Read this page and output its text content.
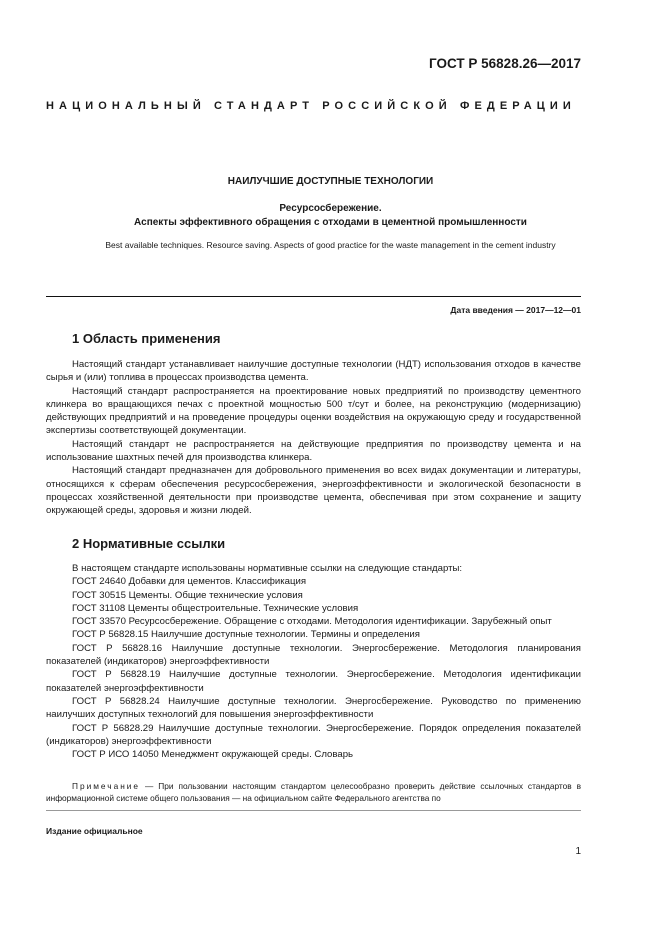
ГОСТ Р 56828.26—2017
НАЦИОНАЛЬНЫЙ СТАНДАРТ РОССИЙСКОЙ ФЕДЕРАЦИИ
НАИЛУЧШИЕ ДОСТУПНЫЕ ТЕХНОЛОГИИ
Ресурсосбережение.
Аспекты эффективного обращения с отходами в цементной промышленности
Best available techniques. Resource saving. Aspects of good practice for the waste management in the cement industry
Дата введения — 2017—12—01
1 Область применения

Настоящий стандарт устанавливает наилучшие доступные технологии (НДТ) использования отходов в качестве сырья и (или) топлива в процессах производства цемента.

Настоящий стандарт распространяется на проектирование новых предприятий по производству цементного клинкера во вращающихся печах с проектной мощностью 500 т/сут и более, на реконструкцию (модернизацию) действующих предприятий и на проведение процедуры оценки воздействия на окружающую среду и государственной экспертизы соответствующей документации.

Настоящий стандарт не распространяется на действующие предприятия по производству цемента и на использование шахтных печей для производства клинкера.

Настоящий стандарт предназначен для добровольного применения во всех видах документации и литературы, относящихся к сферам обеспечения ресурсосбережения, энергоэффективности и экологической безопасности в процессах хозяйственной деятельности при производстве цемента, обеспечивая при этом сохранение и защиту окружающей среды, здоровья и жизни людей.

2 Нормативные ссылки

В настоящем стандарте использованы нормативные ссылки на следующие стандарты:

ГОСТ 24640 Добавки для цементов. Классификация

ГОСТ 30515 Цементы. Общие технические условия

ГОСТ 31108 Цементы общестроительные. Технические условия

ГОСТ 33570 Ресурсосбережение. Обращение с отходами. Методология идентификации. Зарубежный опыт

ГОСТ Р 56828.15 Наилучшие доступные технологии. Термины и определения

ГОСТ Р 56828.16 Наилучшие доступные технологии. Энергосбережение. Методология планирования показателей (индикаторов) энергоэффективности

ГОСТ Р 56828.19 Наилучшие доступные технологии. Энергосбережение. Методология идентификации показателей энергоэффективности

ГОСТ Р 56828.24 Наилучшие доступные технологии. Энергосбережение. Руководство по применению наилучших доступных технологий для повышения энергоэффективности

ГОСТ Р 56828.29 Наилучшие доступные технологии. Энергосбережение. Порядок определения показателей (индикаторов) энергоэффективности

ГОСТ Р ИСО 14050 Менеджмент окружающей среды. Словарь

Примечание — При пользовании настоящим стандартом целесообразно проверить действие ссылочных стандартов в информационной системе общего пользования — на официальном сайте Федерального агентства по
Издание официальное
1
